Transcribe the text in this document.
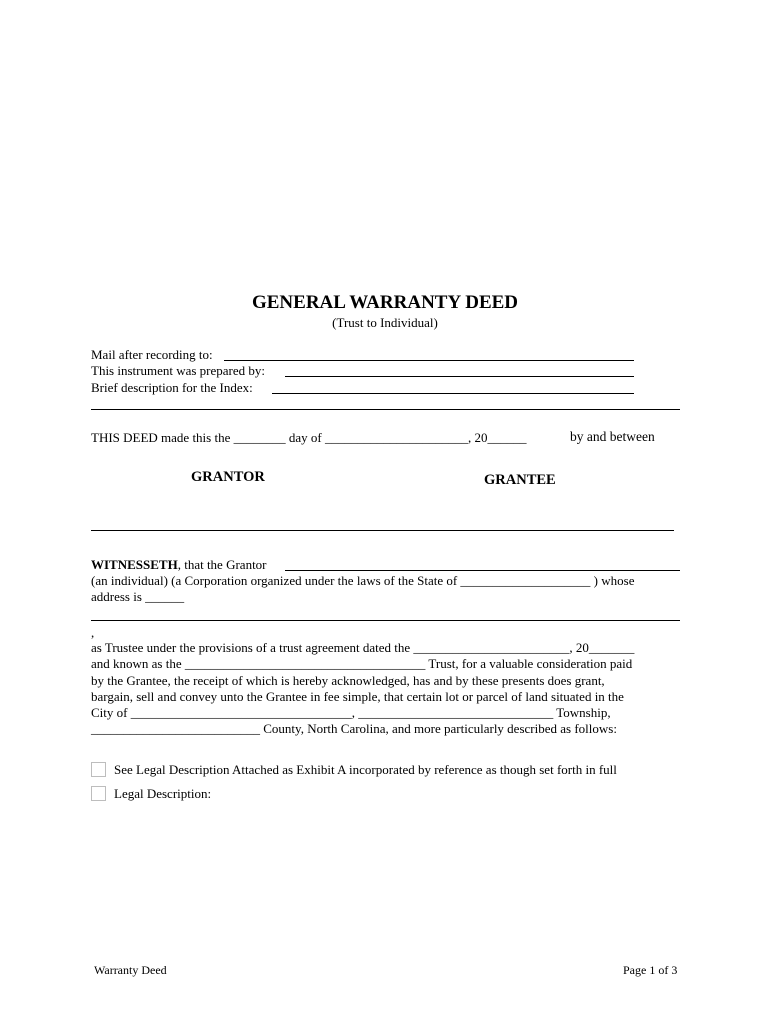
GENERAL WARRANTY DEED
(Trust to Individual)
Mail after recording to:
This instrument was prepared by:
Brief description for the Index:
THIS DEED made this the ________ day of ______________________, 20______	by and between
GRANTOR	GRANTEE
WITNESSETH, that the Grantor
(an individual) (a Corporation organized under the laws of the State of ____________________ ) whose
address is ______
,
as Trustee under the provisions of a trust agreement dated the ________________________, 20_______
and known as the _____________________________________ Trust, for a valuable consideration paid
by the Grantee, the receipt of which is hereby acknowledged, has and by these presents does grant,
bargain, sell and convey unto the Grantee in fee simple, that certain lot or parcel of land situated in the
City of __________________________________, ______________________________ Township,
__________________________ County, North Carolina, and more particularly described as follows:
See Legal Description Attached as Exhibit A incorporated by reference as though set forth in full
Legal Description:
Warranty Deed	Page 1 of 3
